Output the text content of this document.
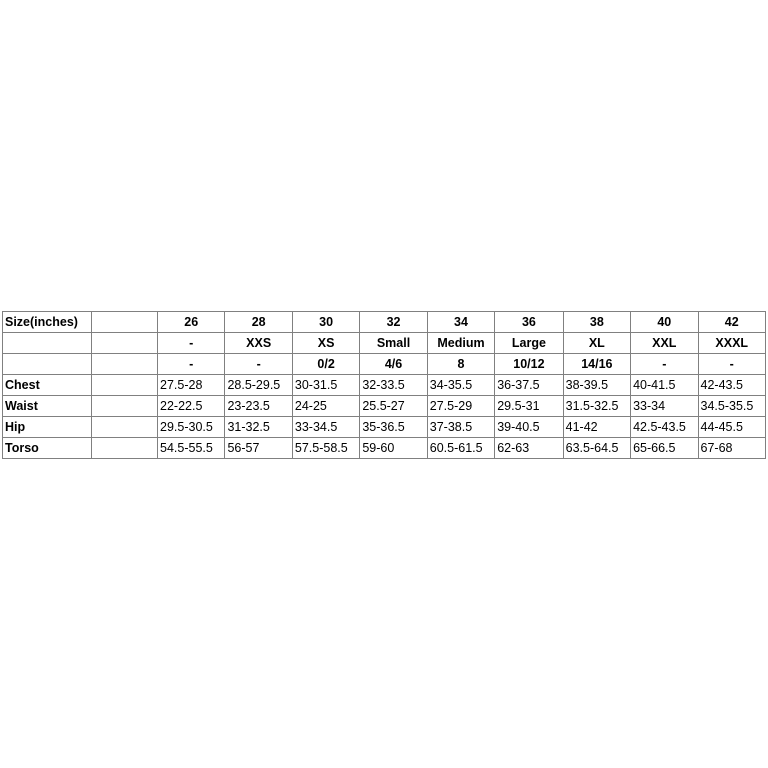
Size(inches)		26	28	30	32	34	36	38	40	42
		-	XXS	XS	Small	Medium	Large	XL	XXL	XXXL
		-	-	0/2	4/6	8	10/12	14/16	-	-
Chest		27.5-28	28.5-29.5	30-31.5	32-33.5	34-35.5	36-37.5	38-39.5	40-41.5	42-43.5
Waist		22-22.5	23-23.5	24-25	25.5-27	27.5-29	29.5-31	31.5-32.5	33-34	34.5-35.5
Hip		29.5-30.5	31-32.5	33-34.5	35-36.5	37-38.5	39-40.5	41-42	42.5-43.5	44-45.5
Torso		54.5-55.5	56-57	57.5-58.5	59-60	60.5-61.5	62-63	63.5-64.5	65-66.5	67-68
